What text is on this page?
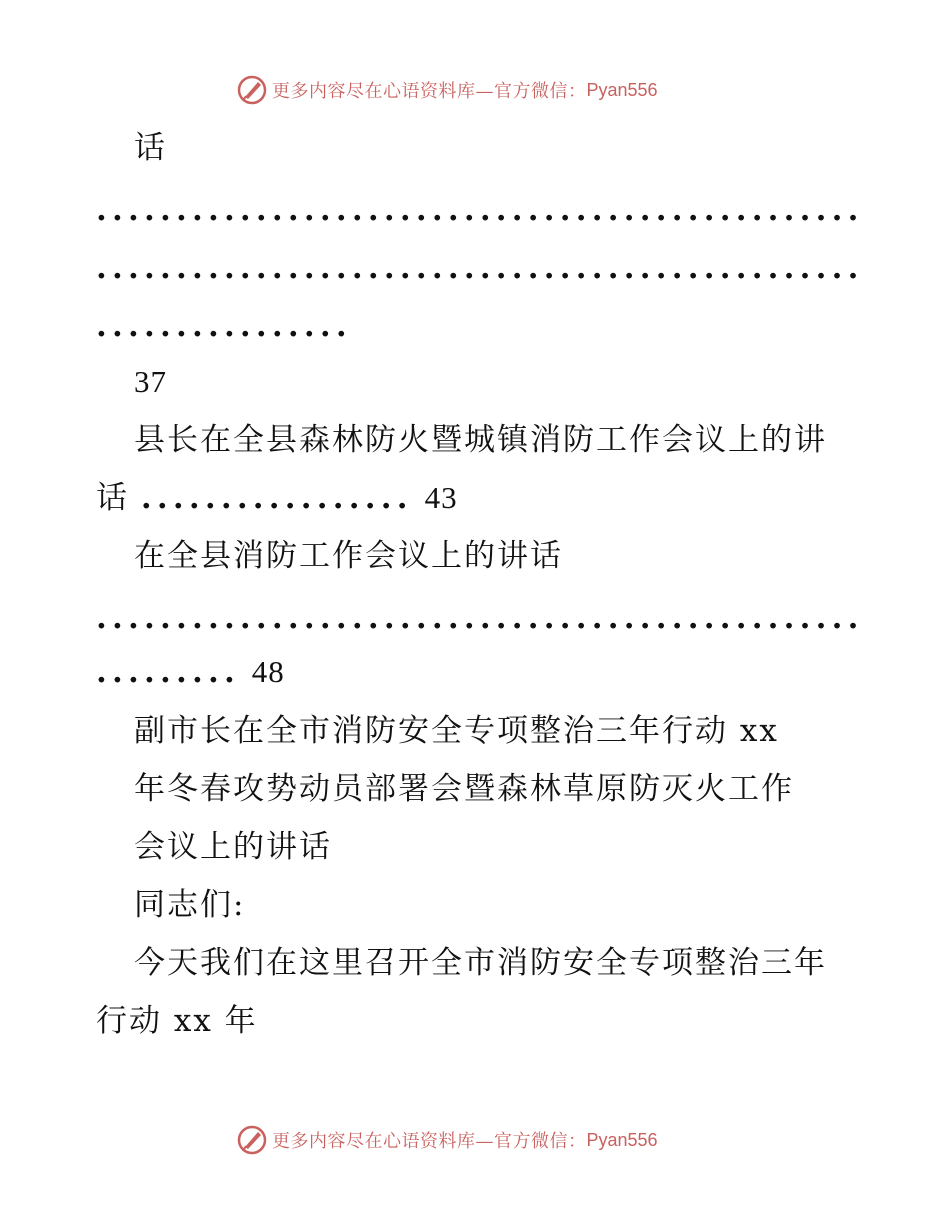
更多内容尽在心语资料库—官方微信： Pyan556
话
................................................
................................................
................
37
县长在全县森林防火暨城镇消防工作会议上的讲
话 ................. 43
在全县消防工作会议上的讲话
................................................
......... 48
副市长在全市消防安全专项整治三年行动 xx
年冬春攻势动员部署会暨森林草原防灭火工作
会议上的讲话
同志们:
今天我们在这里召开全市消防安全专项整治三年
行动 xx 年
更多内容尽在心语资料库—官方微信： Pyan556
